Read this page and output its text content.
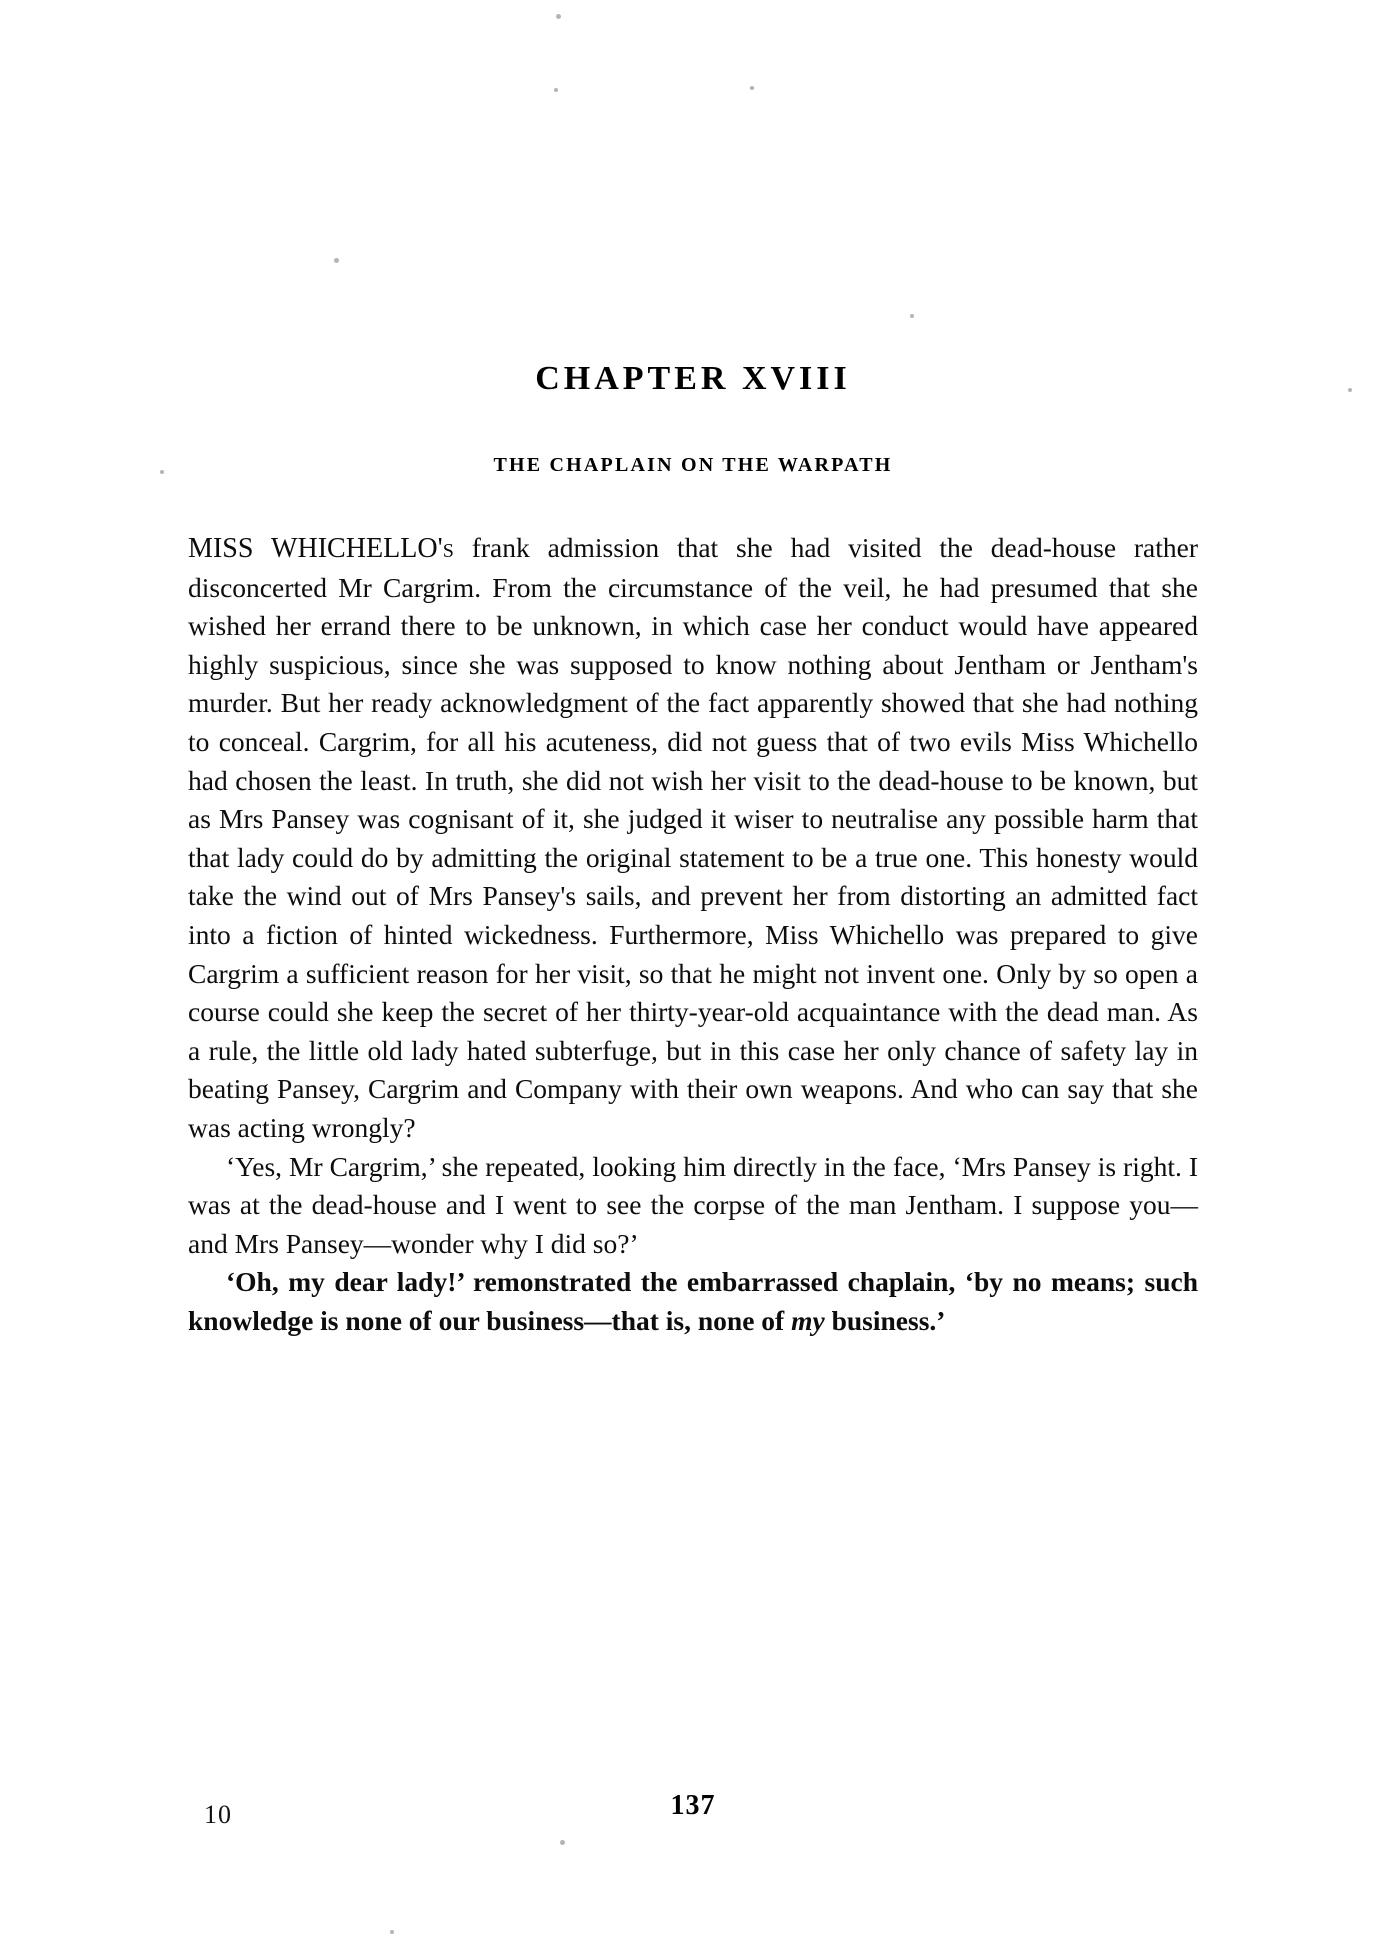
CHAPTER XVIII
THE CHAPLAIN ON THE WARPATH

MISS WHICHELLO's frank admission that she had visited the dead-house rather disconcerted Mr Cargrim. From the circumstance of the veil, he had presumed that she wished her errand there to be unknown, in which case her conduct would have appeared highly suspicious, since she was supposed to know nothing about Jentham or Jentham's murder. But her ready acknowledgment of the fact apparently showed that she had nothing to conceal. Cargrim, for all his acuteness, did not guess that of two evils Miss Whichello had chosen the least. In truth, she did not wish her visit to the dead-house to be known, but as Mrs Pansey was cognisant of it, she judged it wiser to neutralise any possible harm that that lady could do by admitting the original statement to be a true one. This honesty would take the wind out of Mrs Pansey's sails, and prevent her from distorting an admitted fact into a fiction of hinted wickedness. Furthermore, Miss Whichello was prepared to give Cargrim a sufficient reason for her visit, so that he might not invent one. Only by so open a course could she keep the secret of her thirty-year-old acquaintance with the dead man. As a rule, the little old lady hated subterfuge, but in this case her only chance of safety lay in beating Pansey, Cargrim and Company with their own weapons. And who can say that she was acting wrongly?

‘Yes, Mr Cargrim,’ she repeated, looking him directly in the face, ‘Mrs Pansey is right. I was at the dead-house and I went to see the corpse of the man Jentham. I suppose you—and Mrs Pansey—wonder why I did so?’

‘Oh, my dear lady!’ remonstrated the embarrassed chaplain, ‘by no means; such knowledge is none of our business—that is, none of my business.’

10	137
